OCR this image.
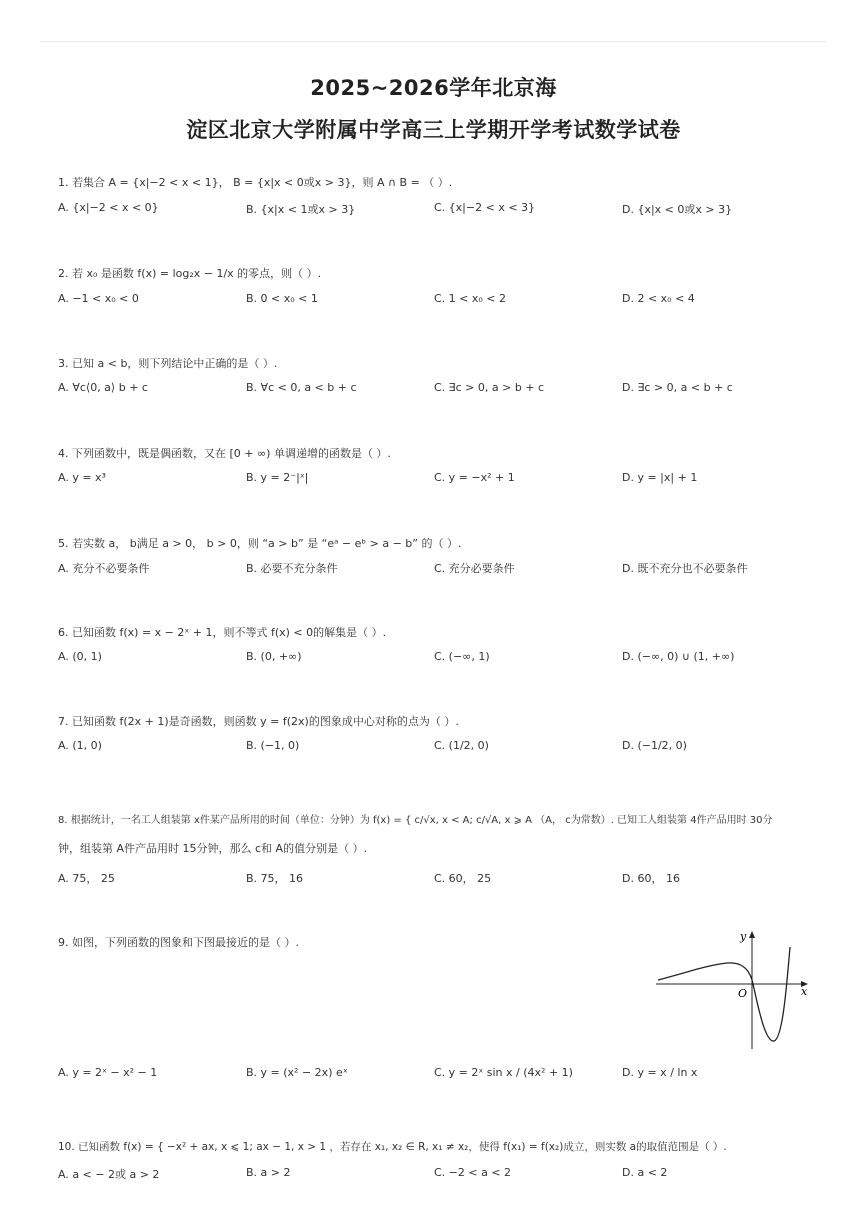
2025~2026学年北京海
淀区北京大学附属中学高三上学期开学考试数学试卷
1. 若集合 A = {x|−2 < x < 1}， B = {x|x < 0或x > 3}，则 A ∩ B = （ ）.
A. {x|−2 < x < 0}	B. {x|x < 1或x > 3}	C. {x|−2 < x < 3}	D. {x|x < 0或x > 3}
2. 若 x₀ 是函数 f(x) = log₂x − 1/x 的零点，则（ ）.
A. −1 < x₀ < 0	B. 0 < x₀ < 1	C. 1 < x₀ < 2	D. 2 < x₀ < 4
3. 已知 a < b，则下列结论中正确的是（ ）.
A. ∀c⟨0, a⟩ b + c	B. ∀c < 0, a < b + c	C. ∃c > 0, a > b + c	D. ∃c > 0, a < b + c
4. 下列函数中，既是偶函数，又在 [0 + ∞) 单调递增的函数是（ ）.
A. y = x³	B. y = 2⁻|ˣ|	C. y = −x² + 1	D. y = |x| + 1
5. 若实数 a， b满足 a > 0， b > 0，则 “a > b” 是 “eᵃ − eᵇ > a − b” 的（ ）.
A. 充分不必要条件	B. 必要不充分条件	C. 充分必要条件	D. 既不充分也不必要条件
6. 已知函数 f(x) = x − 2ˣ + 1，则不等式 f(x) < 0的解集是（ ）.
A. (0, 1)	B. (0, +∞)	C. (−∞, 1)	D. (−∞, 0) ∪ (1, +∞)
7. 已知函数 f(2x + 1)是奇函数，则函数 y = f(2x)的图象成中心对称的点为（ ）.
A. (1, 0)	B. (−1, 0)	C. (1/2, 0)	D. (−1/2, 0)
8. 根据统计，一名工人组装第 x件某产品所用的时间（单位：分钟）为 f(x) = { c/√x, x < A; c/√A, x ⩾ A （A， c为常数）. 已知工人组装第 4件产品用时 30分
钟，组装第 A件产品用时 15分钟，那么 c和 A的值分别是（ ）.
A. 75， 25	B. 75， 16	C. 60， 25	D. 60， 16
9. 如图，下列函数的图象和下图最接近的是（ ）.	y
x
O
A. y = 2ˣ − x² − 1	B. y = (x² − 2x) eˣ	C. y = 2ˣ sin x / (4x² + 1)	D. y = x / ln x
10. 已知函数 f(x) = { −x² + ax, x ⩽ 1; ax − 1, x > 1 ，若存在 x₁, x₂ ∈ R, x₁ ≠ x₂，使得 f(x₁) = f(x₂)成立，则实数 a的取值范围是（ ）.
A. a < − 2或 a > 2	B. a > 2	C. −2 < a < 2	D. a < 2
